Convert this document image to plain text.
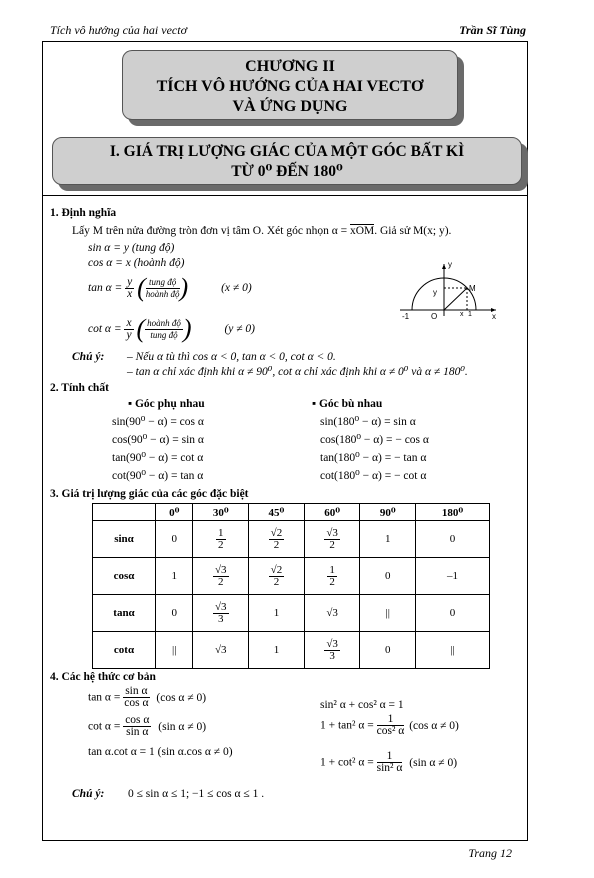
Tích vô hướng của hai vectơ	Trần Sĩ Tùng
CHƯƠNG II
TÍCH VÔ HƯỚNG CỦA HAI VECTƠ
VÀ ỨNG DỤNG
I. GIÁ TRỊ LƯỢNG GIÁC CỦA MỘT GÓC BẤT KÌ
TỪ 0⁰ ĐẾN 180⁰
1. Định nghĩa
Lấy M trên nửa đường tròn đơn vị tâm O. Xét góc nhọn α = xOM. Giả sử M(x; y).
sin α = y (tung độ)
cos α = x (hoành độ)
$\tan \alpha = \frac{y}{x}$ ( $\frac{\text{tung độ}}{\text{hoành độ}}$ )	(x ≠ 0)
$\cot \alpha = \frac{x}{y}$ ( $\frac{\text{hoành độ}}{\text{tung độ}}$ )	(y ≠ 0)
y
x
M
y
x 1
-1	O
Chú ý: – Nếu α tù thì cos α < 0, tan α < 0, cot α < 0.
– tan α chỉ xác định khi α ≠ 90⁰, cot α chỉ xác định khi α ≠ 0⁰ và α ≠ 180⁰.
2. Tính chất
▪ Góc phụ nhau	▪ Góc bù nhau
sin(90⁰ − α) = cos α
cos(90⁰ − α) = sin α
tan(90⁰ − α) = cot α
cot(90⁰ − α) = tan α
sin(180⁰ − α) = sin α
cos(180⁰ − α) = − cos α
tan(180⁰ − α) = − tan α
cot(180⁰ − α) = − cot α
3. Giá trị lượng giác của các góc đặc biệt
	0⁰	30⁰	45⁰	60⁰	90⁰	180⁰
sinα	0	$\frac{1}{2}$	$\frac{√2}{2}$	$\frac{√3}{2}$	1	0
cosα	1	$\frac{√3}{2}$	$\frac{√2}{2}$	$\frac{1}{2}$	0	–1
tanα	0	$\frac{√3}{3}$	1	√3	||	0
cotα	||	√3	1	$\frac{√3}{3}$	0	||
4. Các hệ thức cơ bản
$\tan \alpha = \frac{\text{sin α}}{\text{cos α}} (\cos$ α ≠ 0)
$\cot \alpha = \frac{\text{cos α}}{\text{sin α}} (\sin$ α ≠ 0)
tan α.cot α = 1 (sin α.cos α ≠ 0)
sin² α + cos² α = 1
1 + tan² $\alpha = \frac{1}{\text{cos² α}} (\cos$ α ≠ 0)
1 + cot² $\alpha = \frac{1}{\text{sin² α}} (\sin$ α ≠ 0)
Chú ý: 0 ≤ sin α ≤ 1; −1 ≤ cos α ≤ 1 .
Trang 12
